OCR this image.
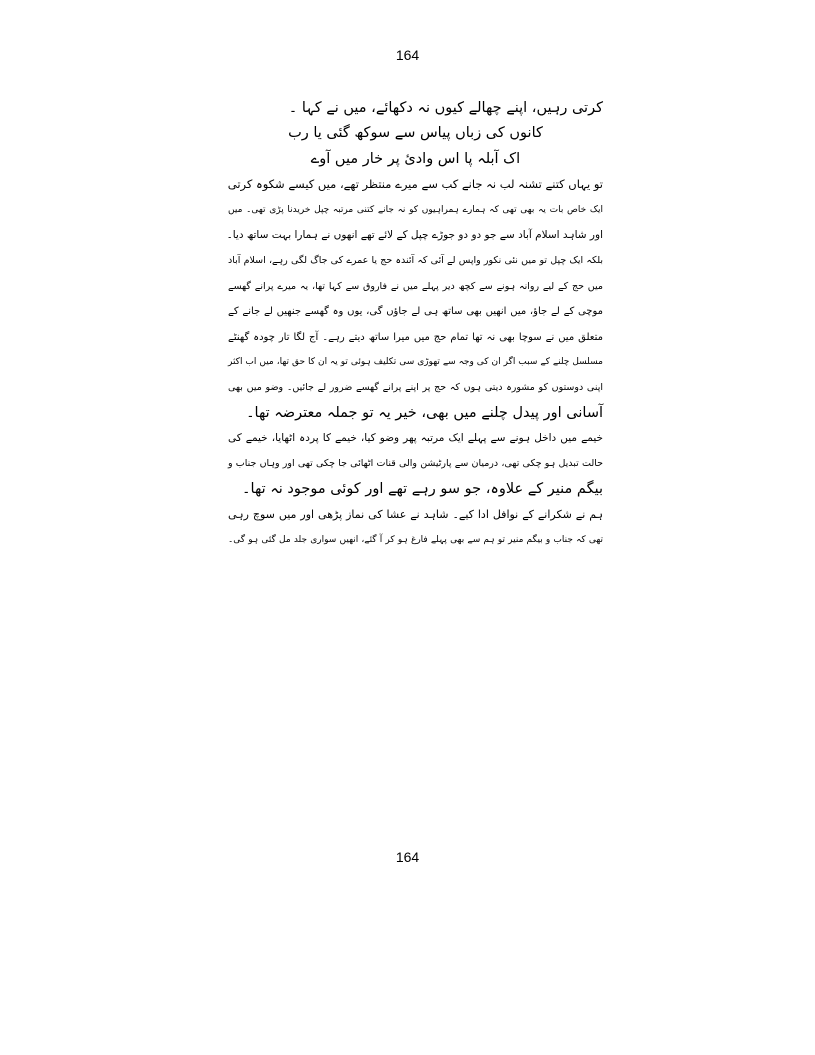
164
کرتی رہیں، اپنے چھالے کیوں نہ دکھائے، میں نے کہا ۔
کانوں کی زباں پیاس سے سوکھ گئی یا رب
اک آبلہ پا اس وادیٔ پر خار میں آوے
تو یہاں کتنے تشنہ لب نہ جانے کب سے میرے منتظر تھے، میں کیسے شکوہ کرتی
ایک خاص بات یہ بھی تھی کہ ہمارے ہمراہیوں کو نہ جانے کتنی مرتبہ چپل خریدنا پڑی تھی۔ میں
اور شاہد اسلام آباد سے جو دو دو جوڑے چپل کے لائے تھے انھوں نے ہمارا بہت ساتھ دیا۔
بلکہ ایک چپل تو میں نئی نکور واپس لے آئی کہ آئندہ حج یا عمرے کی جاگ لگی رہے، اسلام آباد
میں حج کے لیے روانہ ہونے سے کچھ دیر پہلے میں نے فاروق سے کہا تھا، یہ میرے پرانے گھسے
موچی کے لے جاؤ، میں انھیں بھی ساتھ ہی لے جاؤں گی، یوں وہ گھسے جنھیں لے جانے کے
متعلق میں نے سوچا بھی نہ تھا تمام حج میں میرا ساتھ دیتے رہے۔ آج لگا تار چودہ گھنٹے
مسلسل چلنے کے سبب اگر ان کی وجہ سے تھوڑی سی تکلیف ہوئی تو یہ ان کا حق تھا، میں اب اکثر
اپنی دوستوں کو مشورہ دیتی ہوں کہ حج پر اپنے پرانے گھسے ضرور لے جائیں۔ وضو میں بھی
آسانی اور پیدل چلنے میں بھی، خیر یہ تو جملہ معترضہ تھا۔
خیمے میں داخل ہونے سے پہلے ایک مرتبہ پھر وضو کیا، خیمے کا پردہ اٹھایا، خیمے کی
حالت تبدیل ہو چکی تھی، درمیان سے پارٹیشن والی قنات اٹھائی جا چکی تھی اور وہاں جناب و
بیگم منیر کے علاوہ، جو سو رہے تھے اور کوئی موجود نہ تھا۔
ہم نے شکرانے کے نوافل ادا کیے۔ شاہد نے عشا کی نماز پڑھی اور میں سوچ رہی
تھی کہ جناب و بیگم منیر تو ہم سے بھی پہلے فارغ ہو کر آ گئے، انھیں سواری جلد مل گئی ہو گی۔
164
